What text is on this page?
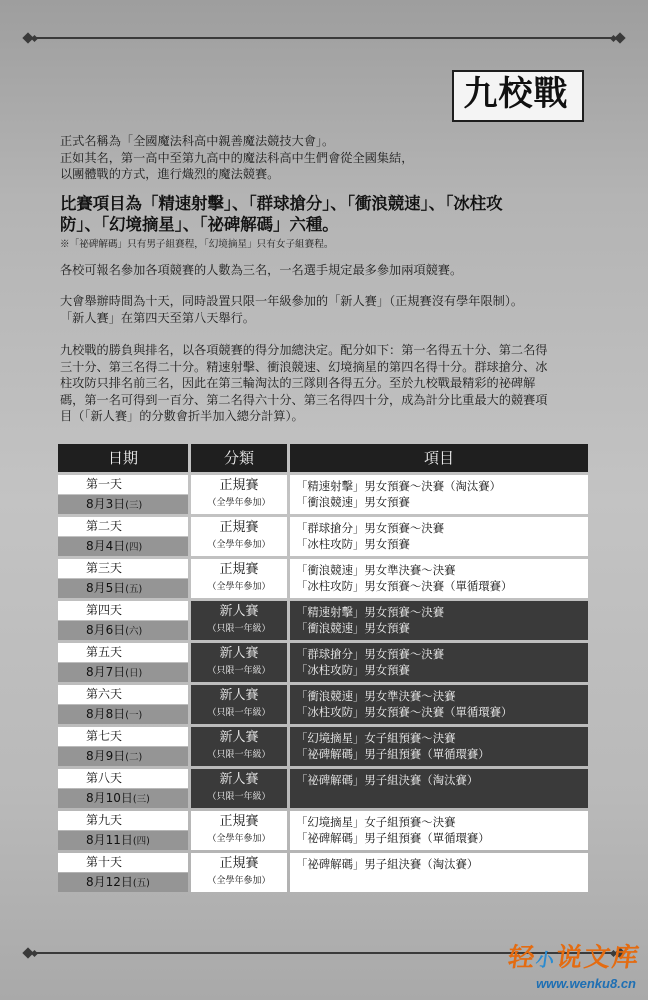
九校戰
正式名稱為「全國魔法科高中親善魔法競技大會」。
正如其名，第一高中至第九高中的魔法科高中生們會從全國集結，
以團體戰的方式，進行熾烈的魔法競賽。
比賽項目為「精速射擊」、「群球搶分」、「衝浪競速」、「冰柱攻
防」、「幻境摘星」、「祕碑解碼」六種。
※「祕碑解碼」只有男子組賽程，「幻境摘星」只有女子組賽程。
各校可報名參加各項競賽的人數為三名，一名選手規定最多參加兩項競賽。
大會舉辦時間為十天，同時設置只限一年級參加的「新人賽」（正規賽沒有學年限制）。
「新人賽」在第四天至第八天舉行。
九校戰的勝負與排名，以各項競賽的得分加總決定。配分如下：第一名得五十分、第二名得
三十分、第三名得二十分。精速射擊、衝浪競速、幻境摘星的第四名得十分。群球搶分、冰
柱攻防只排名前三名，因此在第三輪淘汰的三隊則各得五分。至於九校戰最精彩的祕碑解
碼，第一名可得到一百分、第二名得六十分、第三名得四十分，成為計分比重最大的競賽項
目（「新人賽」的分數會折半加入總分計算）。
日期	分類	項目
第一天
8月3日(三)
正規賽
（全學年參加）
「精速射擊」男女預賽～決賽（淘汰賽）
「衝浪競速」男女預賽
第二天
8月4日(四)
正規賽
（全學年參加）
「群球搶分」男女預賽～決賽
「冰柱攻防」男女預賽
第三天
8月5日(五)
正規賽
（全學年參加）
「衝浪競速」男女準決賽～決賽
「冰柱攻防」男女預賽～決賽（單循環賽）
第四天
8月6日(六)
新人賽
（只限一年級）
「精速射擊」男女預賽～決賽
「衝浪競速」男女預賽
第五天
8月7日(日)
新人賽
（只限一年級）
「群球搶分」男女預賽～決賽
「冰柱攻防」男女預賽
第六天
8月8日(一)
新人賽
（只限一年級）
「衝浪競速」男女準決賽～決賽
「冰柱攻防」男女預賽～決賽（單循環賽）
第七天
8月9日(二)
新人賽
（只限一年級）
「幻境摘星」女子組預賽～決賽
「祕碑解碼」男子組預賽（單循環賽）
第八天
8月10日(三)
新人賽
（只限一年級）
「祕碑解碼」男子組決賽（淘汰賽）
第九天
8月11日(四)
正規賽
（全學年參加）
「幻境摘星」女子組預賽～決賽
「祕碑解碼」男子組預賽（單循環賽）
第十天
8月12日(五)
正規賽
（全學年參加）
「祕碑解碼」男子組決賽（淘汰賽）
轻小说文库
www.wenku8.cn
